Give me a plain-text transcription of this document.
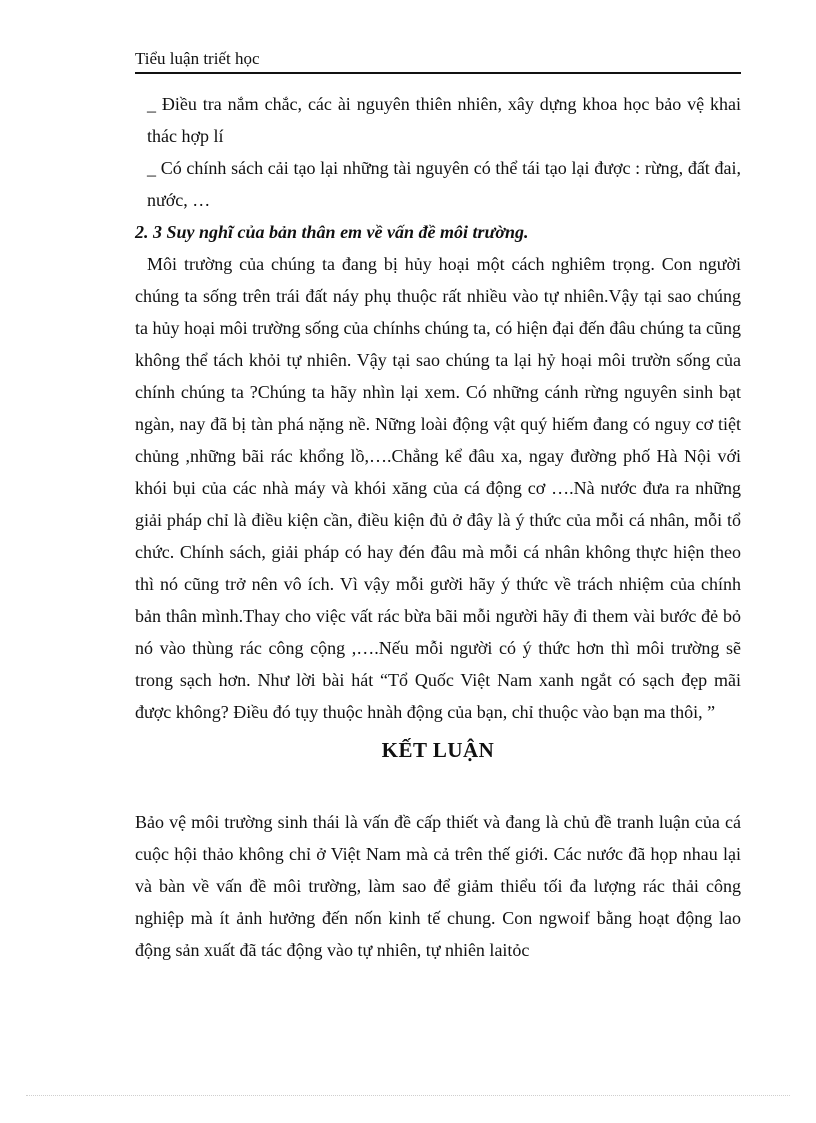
Tiểu luận triết học

_ Điều tra nắm chắc, các ài nguyên thiên nhiên, xây dựng khoa học bảo vệ khai thác hợp lí

_ Có chính sách cải tạo lại những tài nguyên có thể tái tạo lại được : rừng, đất đai, nước, …

2. 3 Suy nghĩ của bản thân em về vấn đề môi trường.

Môi trường của chúng ta đang bị hủy hoại một cách nghiêm trọng. Con người chúng ta sống trên trái đất náy phụ thuộc rất nhiều vào tự nhiên.Vậy tại sao chúng ta hủy hoại môi trường sống của chínhs chúng ta, có hiện đại đến đâu chúng ta cũng không thể tách khỏi tự nhiên. Vậy tại sao chúng ta lại hỷ hoại môi trườn sống của chính chúng ta ?Chúng ta hãy nhìn lại xem. Có những cánh rừng nguyên sinh bạt ngàn, nay đã bị tàn phá nặng nề. Nững loài động vật quý hiếm đang có nguy cơ tiệt chủng ,những bãi rác khổng lồ,….Chẳng kể đâu xa, ngay đường phố Hà Nội với khói bụi của các nhà máy và khói xăng của cá động cơ ….Nà nước đưa ra những giải pháp chỉ là điều kiện cần, điều kiện đủ ở đây là ý thức của mỗi cá nhân, mỗi tổ chức. Chính sách, giải pháp có hay đén đâu mà mỗi cá nhân không thực hiện theo thì nó cũng trở nên vô ích. Vì vậy mỗi gười hãy ý thức về trách nhiệm của chính bản thân mình.Thay cho việc vất rác bừa bãi mỗi người hãy đi them vài bước đẻ bỏ nó vào thùng rác công cộng ,….Nếu mỗi người có ý thức hơn thì môi trường sẽ trong sạch hơn. Như lời bài hát “Tổ Quốc Việt Nam xanh ngắt có sạch đẹp mãi được không? Điều đó tụy thuộc hnàh động của bạn, chỉ thuộc vào bạn ma thôi, ”

KẾT LUẬN

Bảo vệ môi trường sinh thái là vấn đề cấp thiết và đang là chủ đề tranh luận của cá cuộc hội thảo không chỉ ở Việt Nam mà cả trên thế giới. Các nước đã họp nhau lại và bàn về vấn đề môi trường, làm sao để giảm thiểu tối đa lượng rác thải công nghiệp mà ít ảnh hưởng đến nốn kinh tế chung. Con ngwoif bằng hoạt động lao động sản xuất đã tác động vào tự nhiên, tự nhiên laitỏc
